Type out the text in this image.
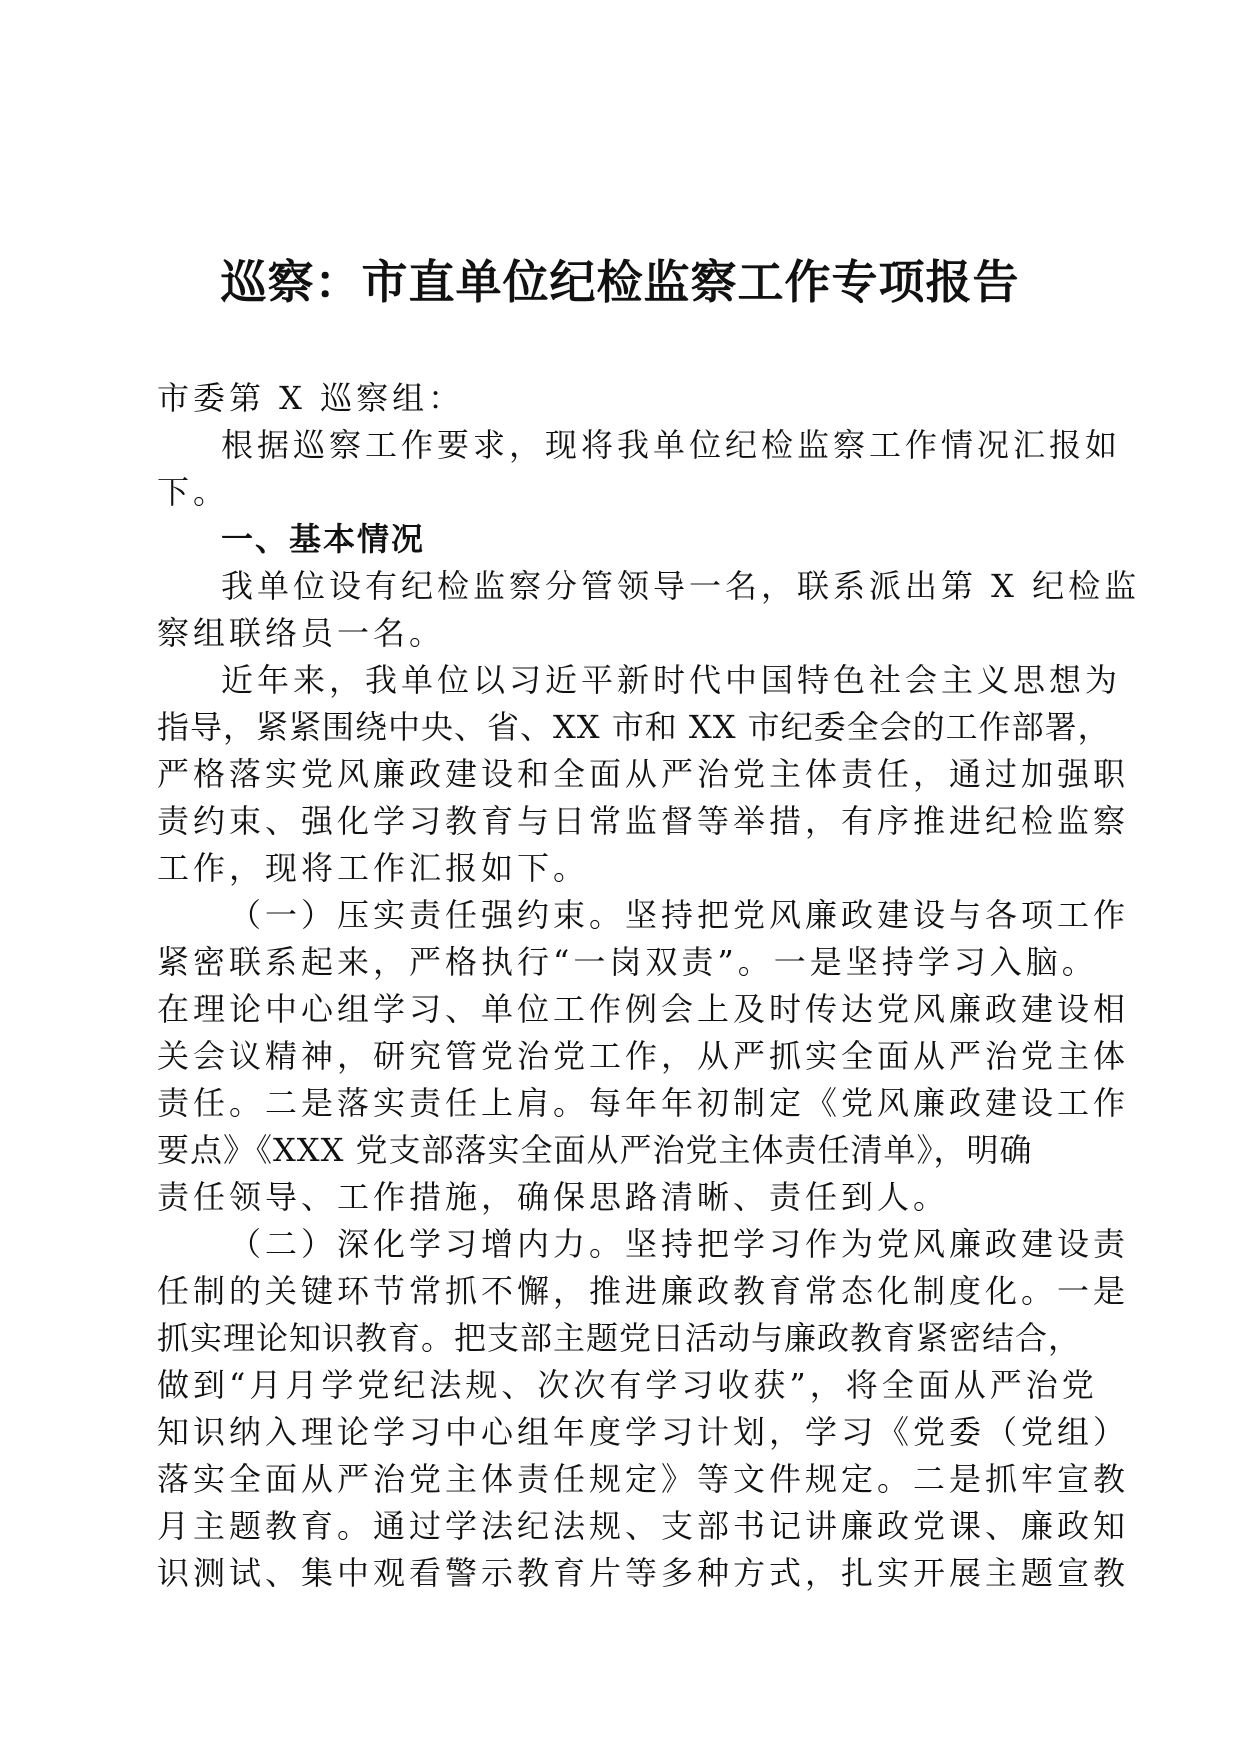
巡察：市直单位纪检监察工作专项报告

市委第 X 巡察组：

根据巡察工作要求，现将我单位纪检监察工作情况汇报如

下。

一、基本情况

我单位设有纪检监察分管领导一名，联系派出第 X 纪检监

察组联络员一名。

近年来，我单位以习近平新时代中国特色社会主义思想为

指导，紧紧围绕中央、省、XX 市和 XX 市纪委全会的工作部署，

严格落实党风廉政建设和全面从严治党主体责任，通过加强职

责约束、强化学习教育与日常监督等举措，有序推进纪检监察

工作，现将工作汇报如下。

（一）压实责任强约束。坚持把党风廉政建设与各项工作

紧密联系起来，严格执行“一岗双责”。一是坚持学习入脑。

在理论中心组学习、单位工作例会上及时传达党风廉政建设相

关会议精神，研究管党治党工作，从严抓实全面从严治党主体

责任。二是落实责任上肩。每年年初制定《党风廉政建设工作

要点》《XXX 党支部落实全面从严治党主体责任清单》，明确

责任领导、工作措施，确保思路清晰、责任到人。

（二）深化学习增内力。坚持把学习作为党风廉政建设责

任制的关键环节常抓不懈，推进廉政教育常态化制度化。一是

抓实理论知识教育。把支部主题党日活动与廉政教育紧密结合，

做到“月月学党纪法规、次次有学习收获”，将全面从严治党

知识纳入理论学习中心组年度学习计划，学习《党委（党组）

落实全面从严治党主体责任规定》等文件规定。二是抓牢宣教

月主题教育。通过学法纪法规、支部书记讲廉政党课、廉政知

识测试、集中观看警示教育片等多种方式，扎实开展主题宣教
